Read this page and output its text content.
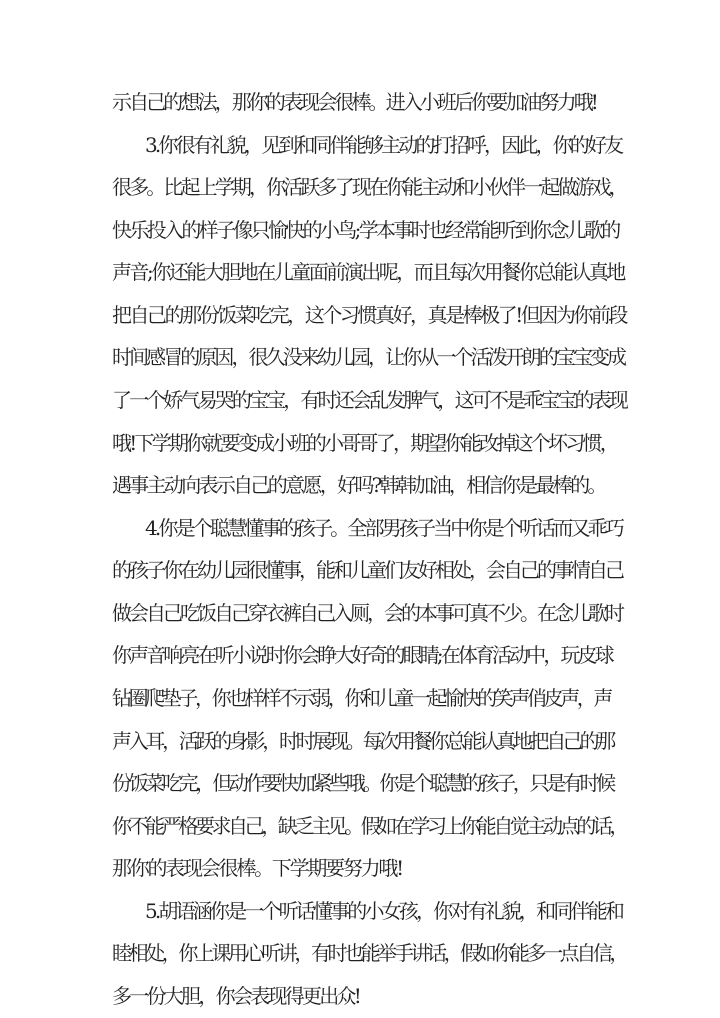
示自己的想法，那你的表现会很棒。进入小班后你要加油努力哦!
3.你很有礼貌，见到和同伴能够主动的打招呼，因此，你的好友
很多。比起上学期，你活跃多了现在你能主动和小伙伴一起做游戏，
快乐投入的样子像只愉快的小鸟;学本事时也经常能听到你念儿歌的
声音;你还能大胆地在儿童面前演出呢，而且每次用餐你总能认真地
把自己的那份饭菜吃完，这个习惯真好，真是棒极了!但因为你前段
时间感冒的原因，很久没来幼儿园，让你从一个活泼开朗的宝宝变成
了一个娇气易哭的宝宝，有时还会乱发脾气，这可不是乖宝宝的表现
哦!下学期你就要变成小班的小哥哥了，期望你能改掉这个坏习惯，
遇事主动向表示自己的意愿，好吗?韩韩加油，相信你是最棒的。
4.你是个聪慧懂事的孩子。全部男孩子当中你是个听话而又乖巧
的孩子你在幼儿园很懂事，能和儿童们友好相处，会自己的事情自己
做会自己吃饭自己穿衣裤自己入厕，会的本事可真不少。在念儿歌时
你声音响亮在听小说时你会睁大好奇的眼睛;在体育活动中，玩皮球
钻圈爬垫子，你也样样不示弱，你和儿童一起愉快的笑声俏皮声，声
声入耳，活跃的身影，时时展现。每次用餐你总能认真地把自己的那
份饭菜吃完，但动作要快加紧些哦。你是个聪慧的孩子，只是有时候
你不能严格要求自己，缺乏主见。假如在学习上你能自觉主动点的话，
那你的表现会很棒。下学期要努力哦!
5.胡语涵你是一个听话懂事的小女孩，你对有礼貌，和同伴能和
睦相处，你上课用心听讲，有时也能举手讲话，假如你能多一点自信，
多一份大胆，你会表现得更出众!
